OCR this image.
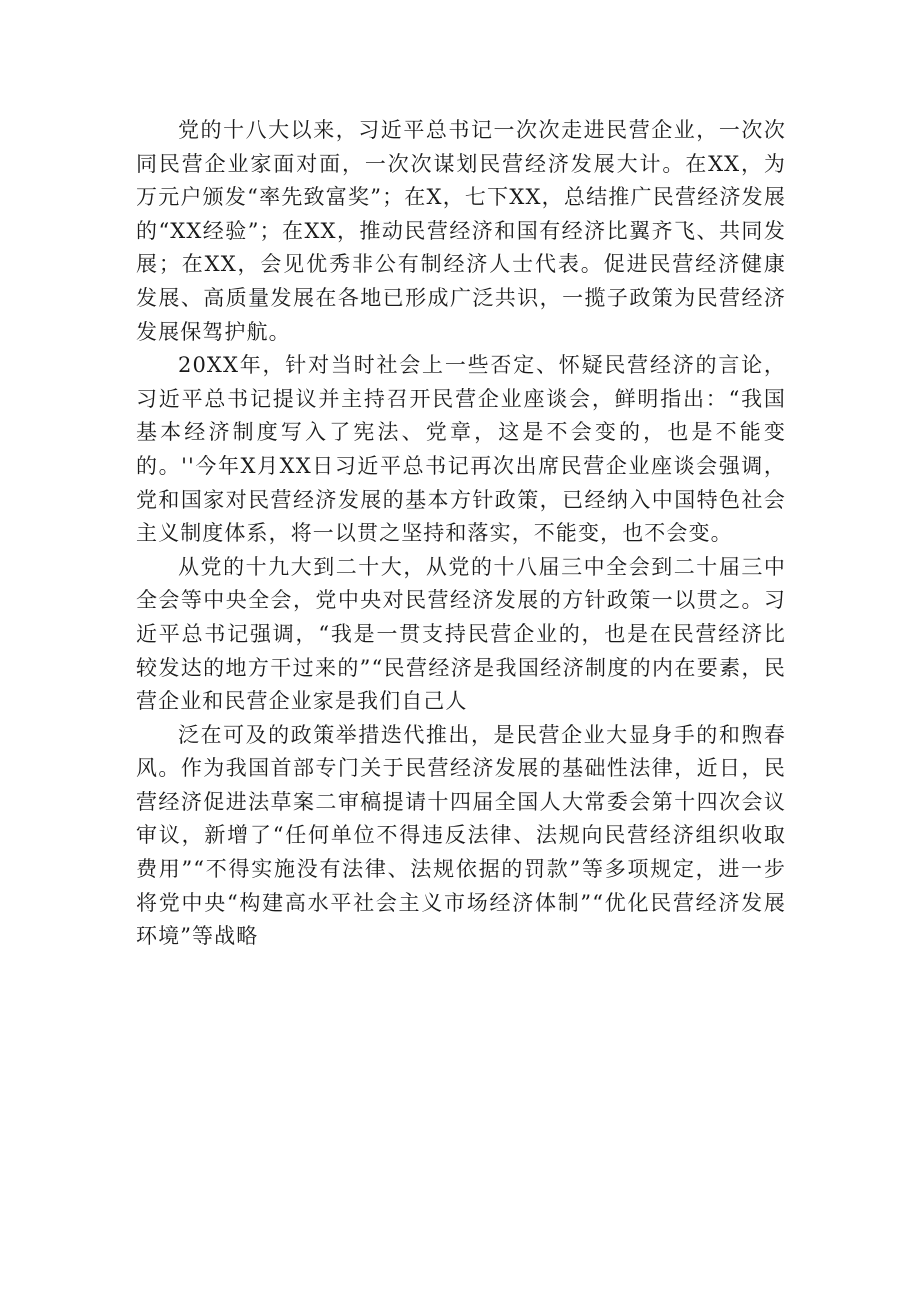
党的十八大以来，习近平总书记一次次走进民营企业，一次次同民营企业家面对面，一次次谋划民营经济发展大计。在XX，为万元户颁发“率先致富奖”；在X，七下XX，总结推广民营经济发展的“XX经验”；在XX，推动民营经济和国有经济比翼齐飞、共同发展；在XX，会见优秀非公有制经济人士代表。促进民营经济健康发展、高质量发展在各地已形成广泛共识，一揽子政策为民营经济发展保驾护航。

20XX年，针对当时社会上一些否定、怀疑民营经济的言论，习近平总书记提议并主持召开民营企业座谈会，鲜明指出：“我国基本经济制度写入了宪法、党章，这是不会变的，也是不能变的。''今年X月XX日习近平总书记再次出席民营企业座谈会强调，党和国家对民营经济发展的基本方针政策，已经纳入中国特色社会主义制度体系，将一以贯之坚持和落实，不能变，也不会变。

从党的十九大到二十大，从党的十八届三中全会到二十届三中全会等中央全会，党中央对民营经济发展的方针政策一以贯之。习近平总书记强调，“我是一贯支持民营企业的，也是在民营经济比较发达的地方干过来的”“民营经济是我国经济制度的内在要素，民营企业和民营企业家是我们自己人

泛在可及的政策举措迭代推出，是民营企业大显身手的和煦春风。作为我国首部专门关于民营经济发展的基础性法律，近日，民营经济促进法草案二审稿提请十四届全国人大常委会第十四次会议审议，新增了“任何单位不得违反法律、法规向民营经济组织收取费用”“不得实施没有法律、法规依据的罚款”等多项规定，进一步将党中央“构建高水平社会主义市场经济体制”“优化民营经济发展环境”等战略
